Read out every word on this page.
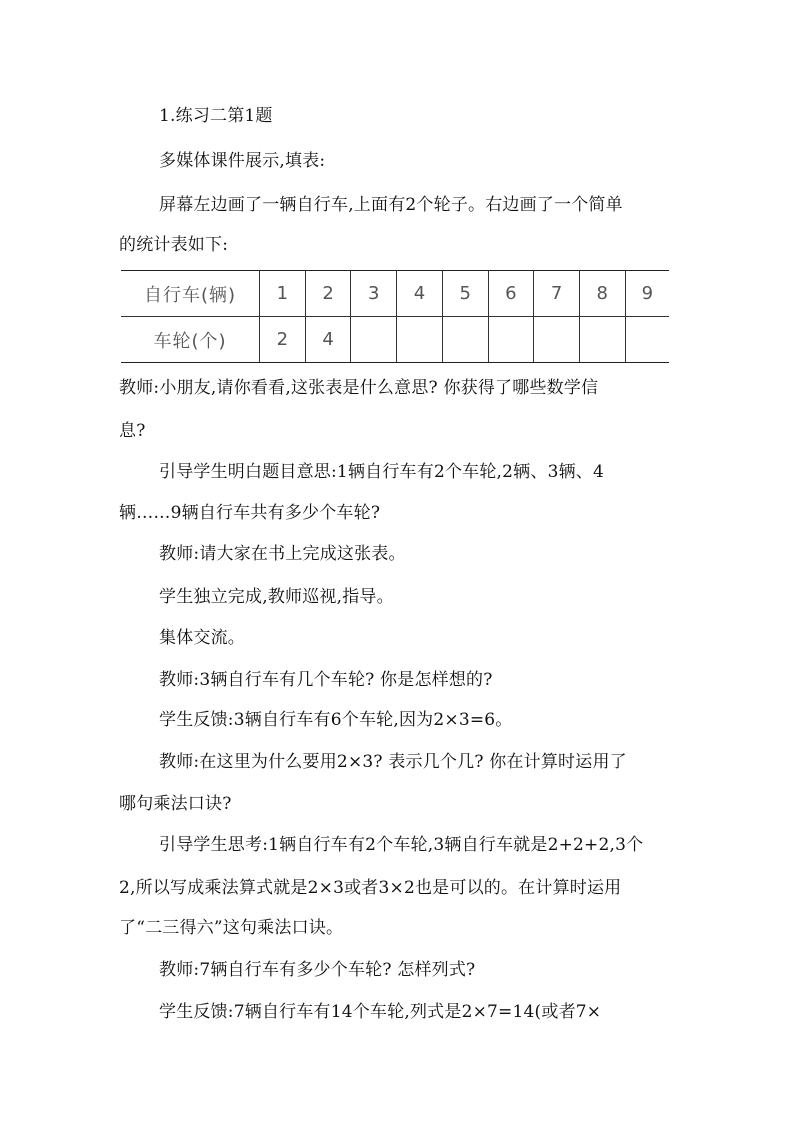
1.练习二第1题
多媒体课件展示,填表:
屏幕左边画了一辆自行车,上面有2个轮子。右边画了一个简单
的统计表如下:
自行车(辆)	1	2	3	4	5	6	7	8	9
车轮(个)	2	4							
教师:小朋友,请你看看,这张表是什么意思? 你获得了哪些数学信
息?
引导学生明白题目意思:1辆自行车有2个车轮,2辆、3辆、4
辆……9辆自行车共有多少个车轮?
教师:请大家在书上完成这张表。
学生独立完成,教师巡视,指导。
集体交流。
教师:3辆自行车有几个车轮? 你是怎样想的?
学生反馈:3辆自行车有6个车轮,因为2×3=6。
教师:在这里为什么要用2×3? 表示几个几? 你在计算时运用了
哪句乘法口诀?
引导学生思考:1辆自行车有2个车轮,3辆自行车就是2+2+2,3个
2,所以写成乘法算式就是2×3或者3×2也是可以的。在计算时运用
了“二三得六”这句乘法口诀。
教师:7辆自行车有多少个车轮? 怎样列式?
学生反馈:7辆自行车有14个车轮,列式是2×7=14(或者7×
